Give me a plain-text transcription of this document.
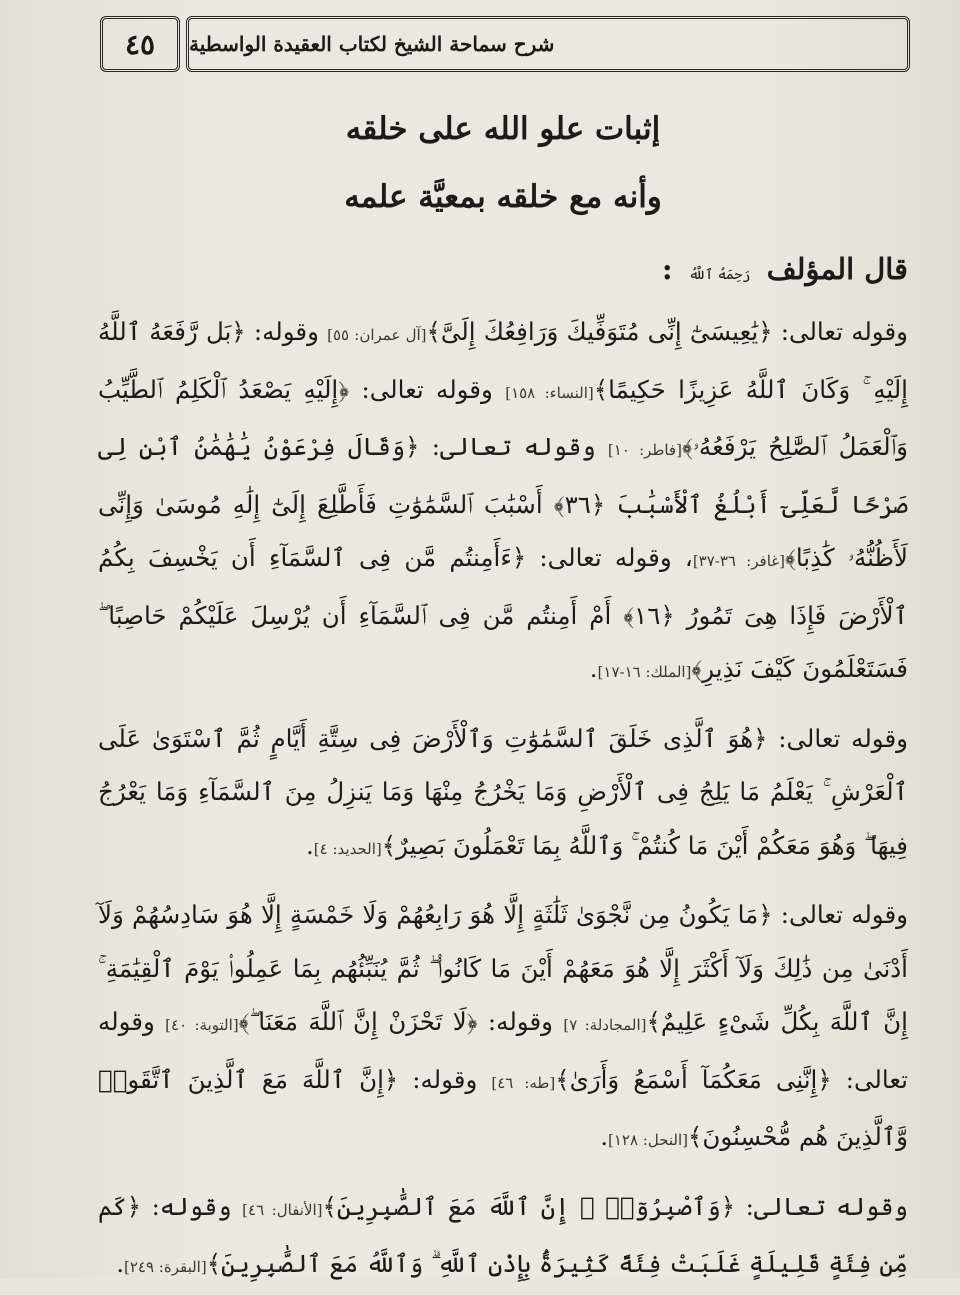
٤٥ شرح سماحة الشيخ لكتاب العقيدة الواسطية
إثبات علو الله على خلقه
وأنه مع خلقه بمعيَّة علمه
قال المؤلف رَحِمَهُ ٱللَّهُ :

وقوله تعالى: ﴿يَٰعِيسَىٰٓ إِنِّى مُتَوَفِّيكَ وَرَافِعُكَ إِلَىَّ﴾[آل عمران: ٥٥] وقوله: ﴿بَل رَّفَعَهُ ٱللَّهُ إِلَيْهِ ۚ وَكَانَ ٱللَّهُ عَزِيزًا حَكِيمًا﴾[النساء: ١٥٨] وقوله تعالى: ﴿إِلَيْهِ يَصْعَدُ ٱلْكَلِمُ ٱلطَّيِّبُ وَٱلْعَمَلُ ٱلصَّٰلِحُ يَرْفَعُهُۥ﴾[فاطر: ١٠] وقوله تعالى: ﴿وَقَالَ فِرْعَوْنُ يَٰهَٰمَٰنُ ٱبْنِ لِى صَرْحًا لَّعَلِّىٓ أَبْلُغُ ٱلْأَسْبَٰبَ ﴿٣٦﴾ أَسْبَٰبَ ٱلسَّمَٰوَٰتِ فَأَطَّلِعَ إِلَىٰٓ إِلَٰهِ مُوسَىٰ وَإِنِّى لَأَظُنُّهُۥ كَٰذِبًا﴾[غافر: ٣٦-٣٧]، وقوله تعالى: ﴿ءَأَمِنتُم مَّن فِى ٱلسَّمَآءِ أَن يَخْسِفَ بِكُمُ ٱلْأَرْضَ فَإِذَا هِىَ تَمُورُ ﴿١٦﴾ أَمْ أَمِنتُم مَّن فِى ٱلسَّمَآءِ أَن يُرْسِلَ عَلَيْكُمْ حَاصِبًا ۖ فَسَتَعْلَمُونَ كَيْفَ نَذِيرِ﴾[الملك: ١٦-١٧].

وقوله تعالى: ﴿هُوَ ٱلَّذِى خَلَقَ ٱلسَّمَٰوَٰتِ وَٱلْأَرْضَ فِى سِتَّةِ أَيَّامٍ ثُمَّ ٱسْتَوَىٰ عَلَى ٱلْعَرْشِ ۚ يَعْلَمُ مَا يَلِجُ فِى ٱلْأَرْضِ وَمَا يَخْرُجُ مِنْهَا وَمَا يَنزِلُ مِنَ ٱلسَّمَآءِ وَمَا يَعْرُجُ فِيهَا ۖ وَهُوَ مَعَكُمْ أَيْنَ مَا كُنتُمْ ۚ وَٱللَّهُ بِمَا تَعْمَلُونَ بَصِيرٌ﴾[الحديد: ٤].

وقوله تعالى: ﴿مَا يَكُونُ مِن نَّجْوَىٰ ثَلَٰثَةٍ إِلَّا هُوَ رَابِعُهُمْ وَلَا خَمْسَةٍ إِلَّا هُوَ سَادِسُهُمْ وَلَآ أَدْنَىٰ مِن ذَٰلِكَ وَلَآ أَكْثَرَ إِلَّا هُوَ مَعَهُمْ أَيْنَ مَا كَانُوا۟ ۖ ثُمَّ يُنَبِّئُهُم بِمَا عَمِلُوا۟ يَوْمَ ٱلْقِيَٰمَةِ ۚ إِنَّ ٱللَّهَ بِكُلِّ شَىْءٍ عَلِيمٌ﴾[المجادلة: ٧] وقوله: ﴿لَا تَحْزَنْ إِنَّ ٱللَّهَ مَعَنَا ۖ﴾[التوبة: ٤٠] وقوله تعالى: ﴿إِنَّنِى مَعَكُمَآ أَسْمَعُ وَأَرَىٰ﴾[طه: ٤٦] وقوله: ﴿إِنَّ ٱللَّهَ مَعَ ٱلَّذِينَ ٱتَّقَوا۟ وَّٱلَّذِينَ هُم مُّحْسِنُونَ﴾[النحل: ١٢٨].

وقوله تعالى: ﴿وَٱصْبِرُوٓا۟ ۚ إِنَّ ٱللَّهَ مَعَ ٱلصَّٰبِرِينَ﴾[الأنفال: ٤٦] وقوله: ﴿كَم مِّن فِئَةٍ قَلِيلَةٍ غَلَبَتْ فِئَةً كَثِيرَةًۢ بِإِذْنِ ٱللَّهِ ۗ وَٱللَّهُ مَعَ ٱلصَّٰبِرِينَ﴾[البقرة: ٢٤٩].
